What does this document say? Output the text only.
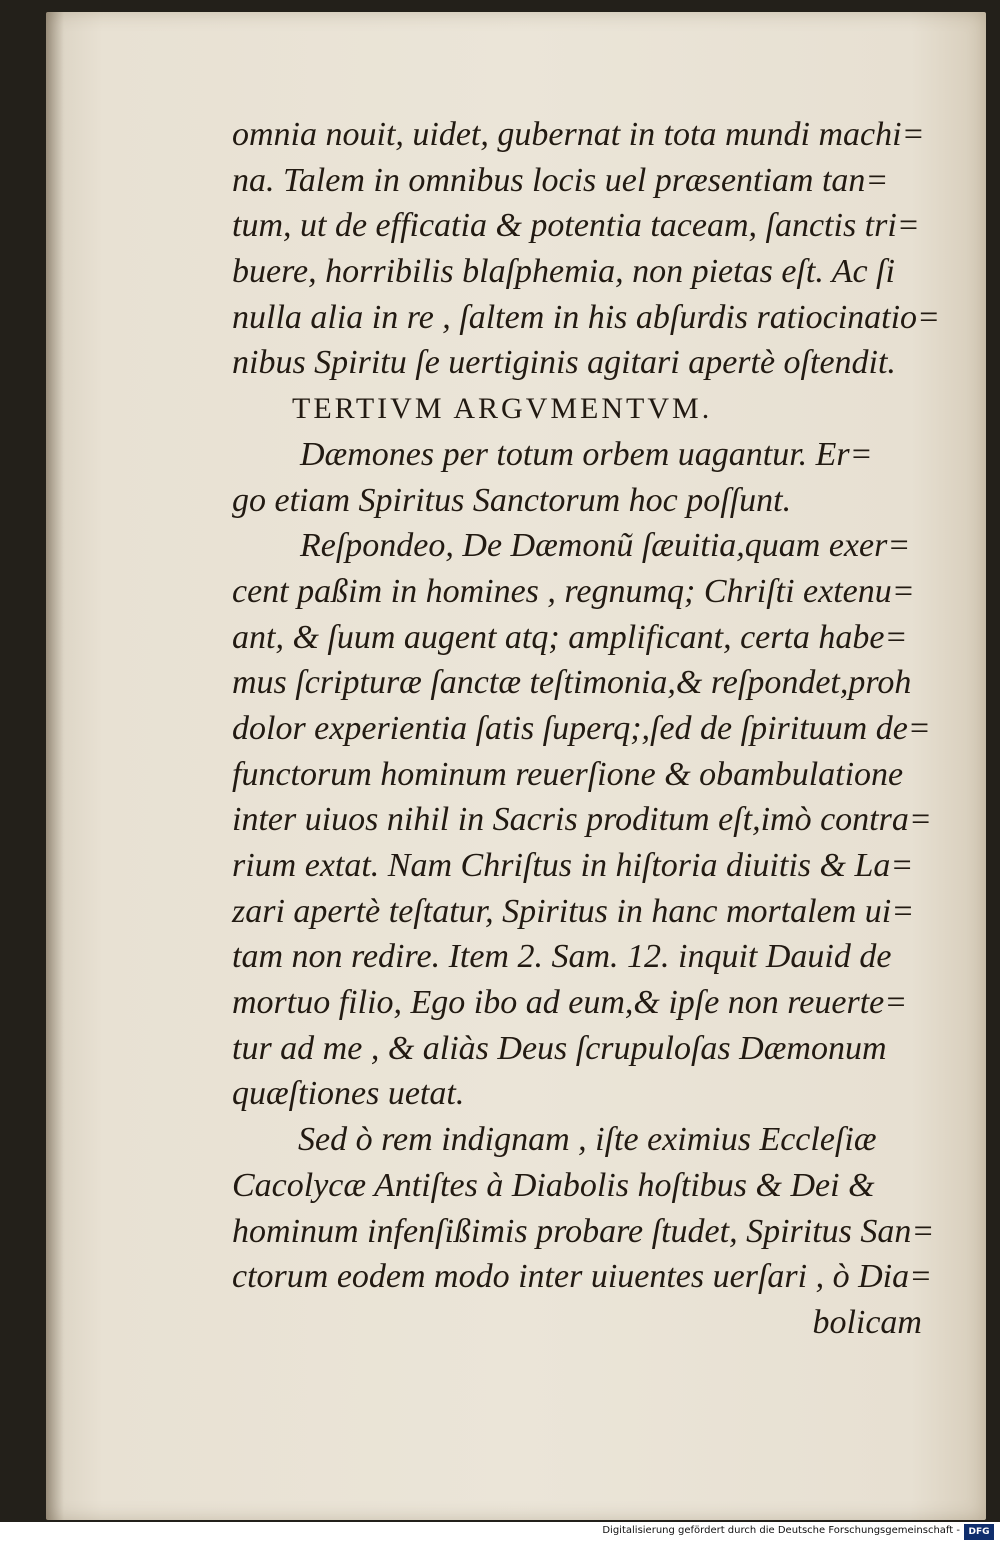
omnia nouit, uidet, gubernat in tota mundi machi=
na. Talem in omnibus locis uel præsentiam tan=
tum, ut de efficatia & potentia taceam, ſanctis tri=
buere, horribilis blaſphemia, non pietas eſt. Ac ſi
nulla alia in re , ſaltem in his abſurdis ratiocinatio=
nibus Spiritu ſe uertiginis agitari apertè oſtendit.
TERTIVM ARGVMENTVM.
Dæmones per totum orbem uagantur. Er=
go etiam Spiritus Sanctorum hoc poſſunt.
Reſpondeo, De Dæmonũ ſæuitia,quam exer=
cent paßim in homines , regnumq; Chriſti extenu=
ant, & ſuum augent atq; amplificant, certa habe=
mus ſcripturæ ſanctæ teſtimonia,& reſpondet,proh
dolor experientia ſatis ſuperq;,ſed de ſpirituum de=
functorum hominum reuerſione & obambulatione
inter uiuos nihil in Sacris proditum eſt,imò contra=
rium extat. Nam Chriſtus in hiſtoria diuitis & La=
zari apertè teſtatur, Spiritus in hanc mortalem ui=
tam non redire. Item 2. Sam. 12. inquit Dauid de
mortuo filio, Ego ibo ad eum,& ipſe non reuerte=
tur ad me , & aliàs Deus ſcrupuloſas Dæmonum
quæſtiones uetat.
Sed ò rem indignam , iſte eximius Eccleſiæ
Cacolycæ Antiſtes à Diabolis hoſtibus & Dei &
hominum infenſißimis probare ſtudet, Spiritus San=
ctorum eodem modo inter uiuentes uerſari , ò Dia=
bolicam
Digitalisierung gefördert durch die Deutsche Forschungsgemeinschaft - DFG
